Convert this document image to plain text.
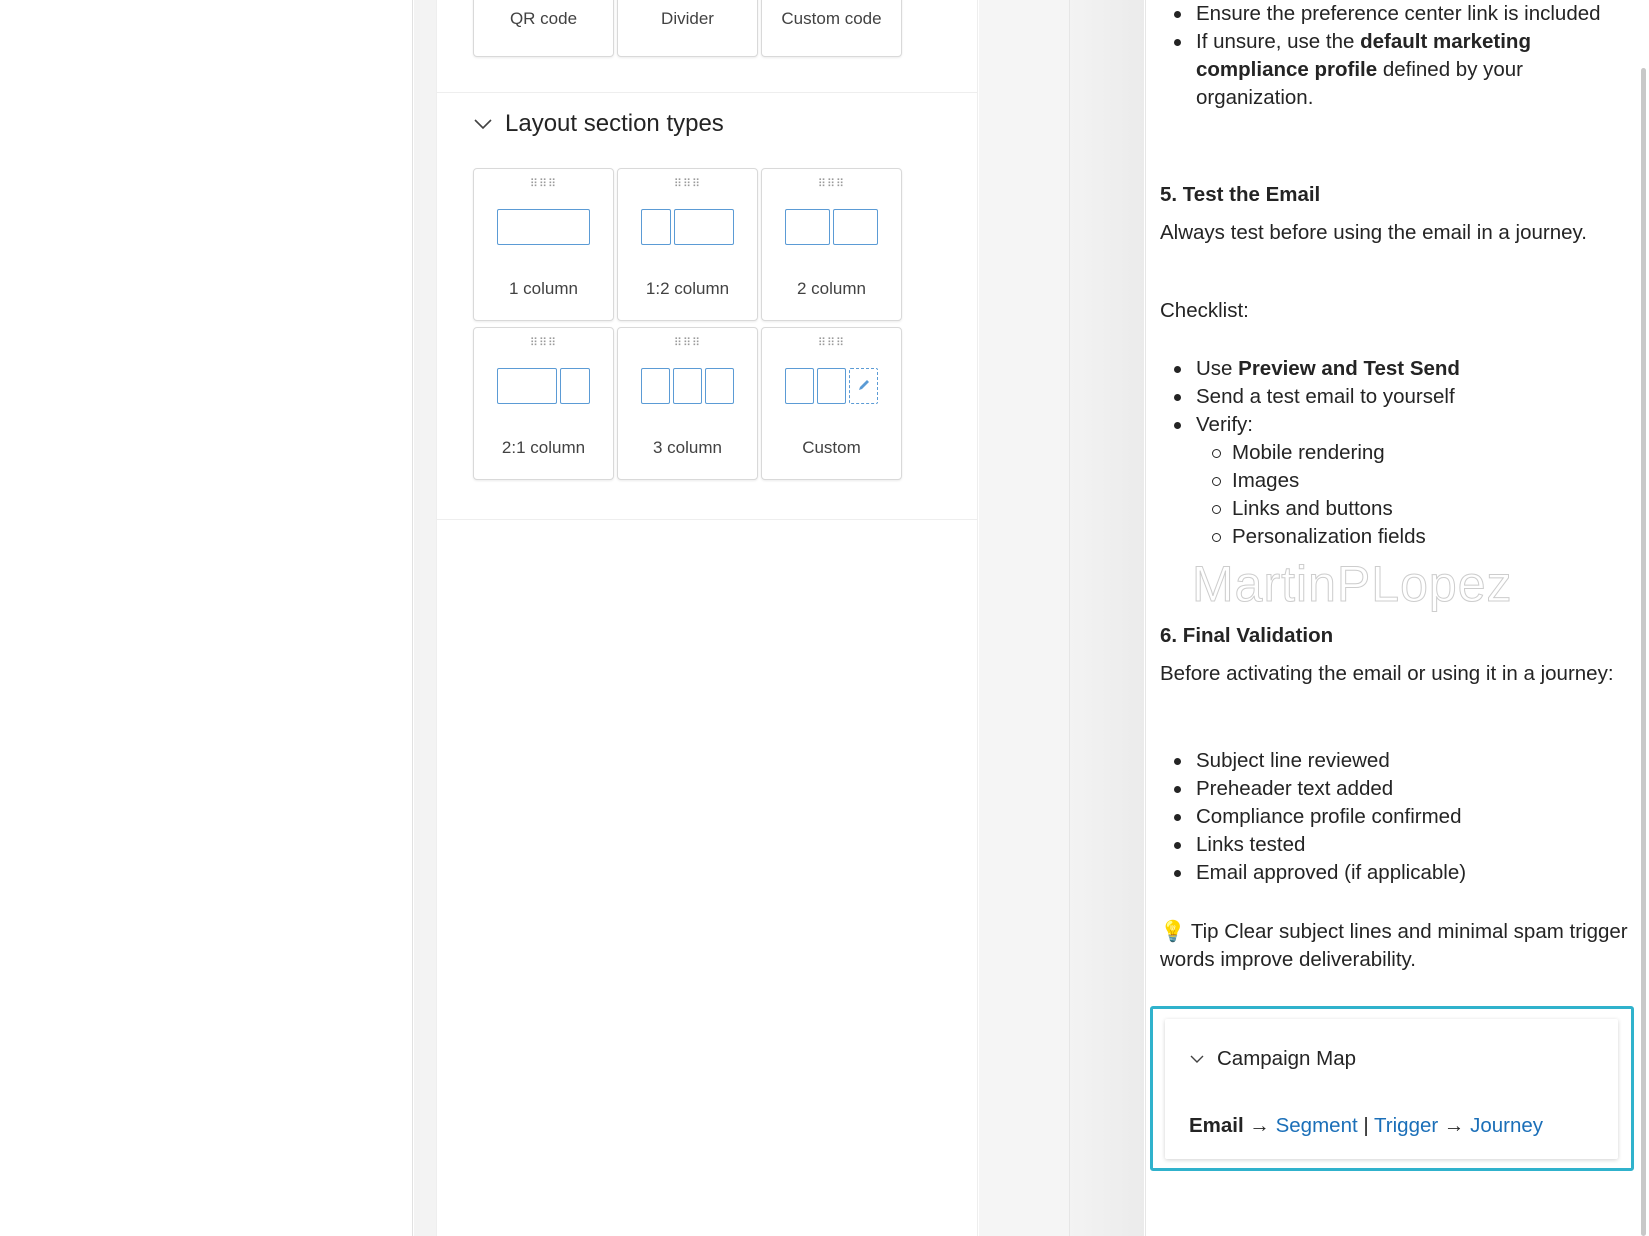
QR code	Divider	Custom code
Layout section types
⠿⠿⠿
1 column
⠿⠿⠿
1:2 column
⠿⠿⠿
2 column
⠿⠿⠿
2:1 column
⠿⠿⠿
3 column
⠿⠿⠿
Custom
Ensure the preference center link is included
If unsure, use the default marketing compliance profile defined by your organization.
5. Test the Email
Always test before using the email in a journey.
Checklist:
Use Preview and Test Send
Send a test email to yourself
Verify:
Mobile rendering
Images
Links and buttons
Personalization fields
MartinPLopez
6. Final Validation
Before activating the email or using it in a journey:
Subject line reviewed
Preheader text added
Compliance profile confirmed
Links tested
Email approved (if applicable)
💡 Tip Clear subject lines and minimal spam trigger words improve deliverability.
Campaign Map
Email → Segment | Trigger → Journey
